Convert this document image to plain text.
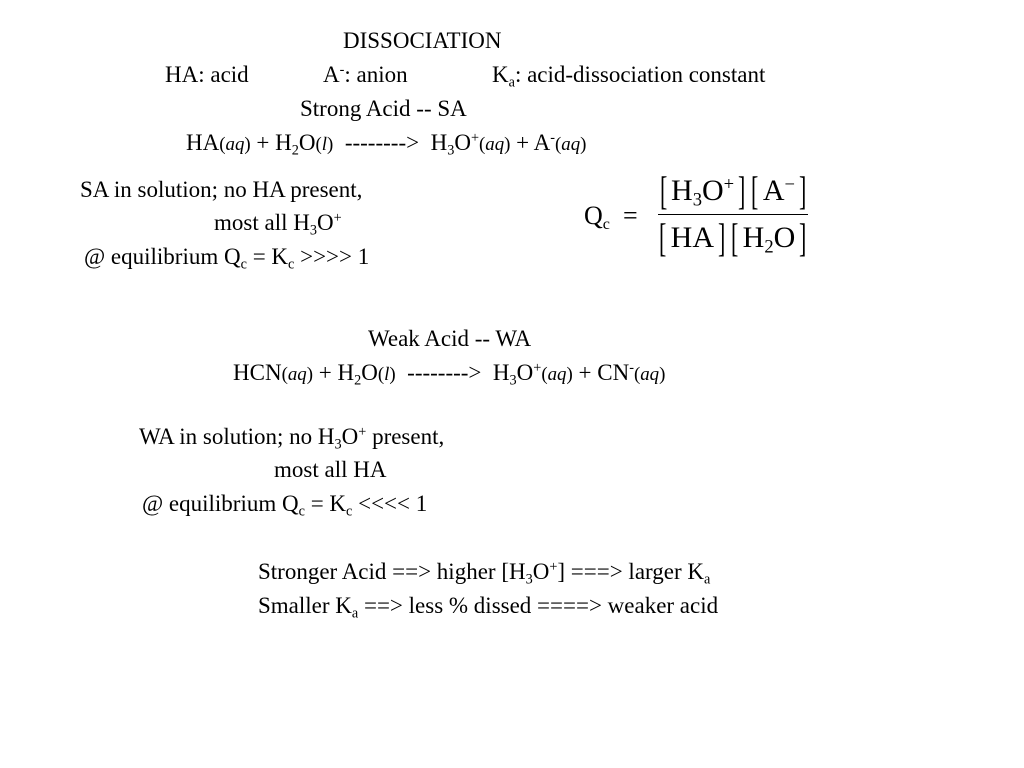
DISSOCIATION
HA: acid	A-: anion	$K_a$: acid-dissociation constant
Strong Acid -- SA
$HA(aq) + H_2O(l)$  -------->  $H_3O^+(aq) + A^-(aq)$
SA in solution; no HA present,
most all $H_3O^+$
@ equilibrium $Q_c = K_c$ >>>> 1
$Q_c$ =
[ $H_3O^+$ ] [ A− ]
[ HA ] [ $H_2O$ ]
Weak Acid -- WA
$HCN(aq) + H_2O(l)$  -------->  $H_3O^+(aq) + CN^-(aq)$
WA in solution; no $H_3O^+$ present,
most all HA
@ equilibrium $Q_c = K_c$ <<<< 1
Stronger Acid ==> higher $[H_3O^+]$ ===> larger $K_a$
Smaller $K_a$ ==> less % dissed ====> weaker acid
